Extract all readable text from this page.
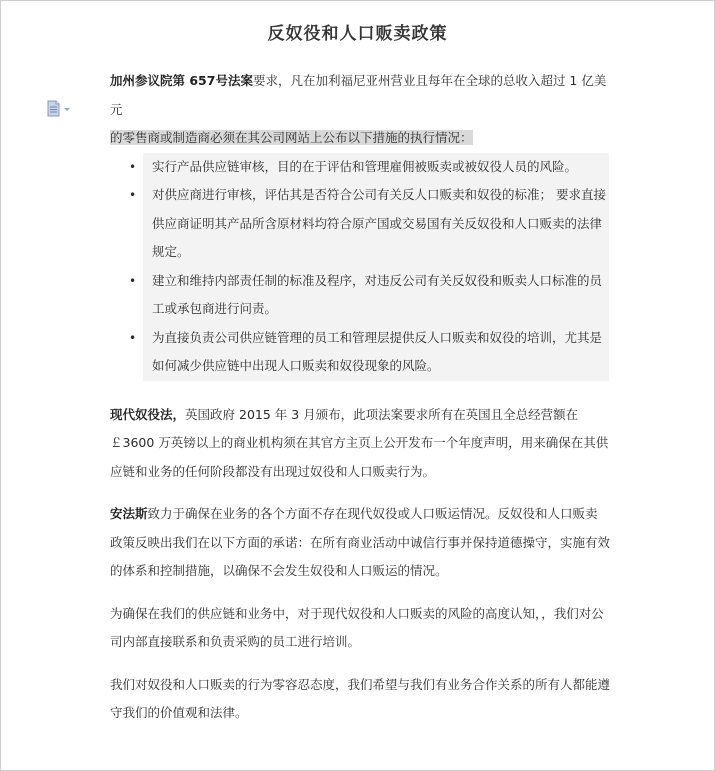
反奴役和人口贩卖政策

加州参议院第 657号法案要求，凡在加利福尼亚州营业且每年在全球的总收入超过 1 亿美元
的零售商或制造商必须在其公司网站上公布以下措施的执行情况：

• 实行产品供应链审核，目的在于评估和管理雇佣被贩卖或被奴役人员的风险。
• 对供应商进行审核，评估其是否符合公司有关反人口贩卖和奴役的标准； 要求直接供应商证明其产品所含原材料均符合原产国或交易国有关反奴役和人口贩卖的法律规定。
• 建立和维持内部责任制的标准及程序，对违反公司有关反奴役和贩卖人口标准的员工或承包商进行问责。
• 为直接负责公司供应链管理的员工和管理层提供反人口贩卖和奴役的培训，尤其是如何减少供应链中出现人口贩卖和奴役现象的风险。

现代奴役法，英国政府 2015 年 3 月颁布，此项法案要求所有在英国且全总经营额在￡3600 万英镑以上的商业机构须在其官方主页上公开发布一个年度声明，用来确保在其供应链和业务的任何阶段都没有出现过奴役和人口贩卖行为。

安法斯致力于确保在业务的各个方面不存在现代奴役或人口贩运情况。反奴役和人口贩卖政策反映出我们在以下方面的承诺：在所有商业活动中诚信行事并保持道德操守，实施有效的体系和控制措施，以确保不会发生奴役和人口贩运的情况。

为确保在我们的供应链和业务中，对于现代奴役和人口贩卖的风险的高度认知，，我们对公司内部直接联系和负责采购的员工进行培训。

我们对奴役和人口贩卖的行为零容忍态度，我们希望与我们有业务合作关系的所有人都能遵守我们的价值观和法律。
